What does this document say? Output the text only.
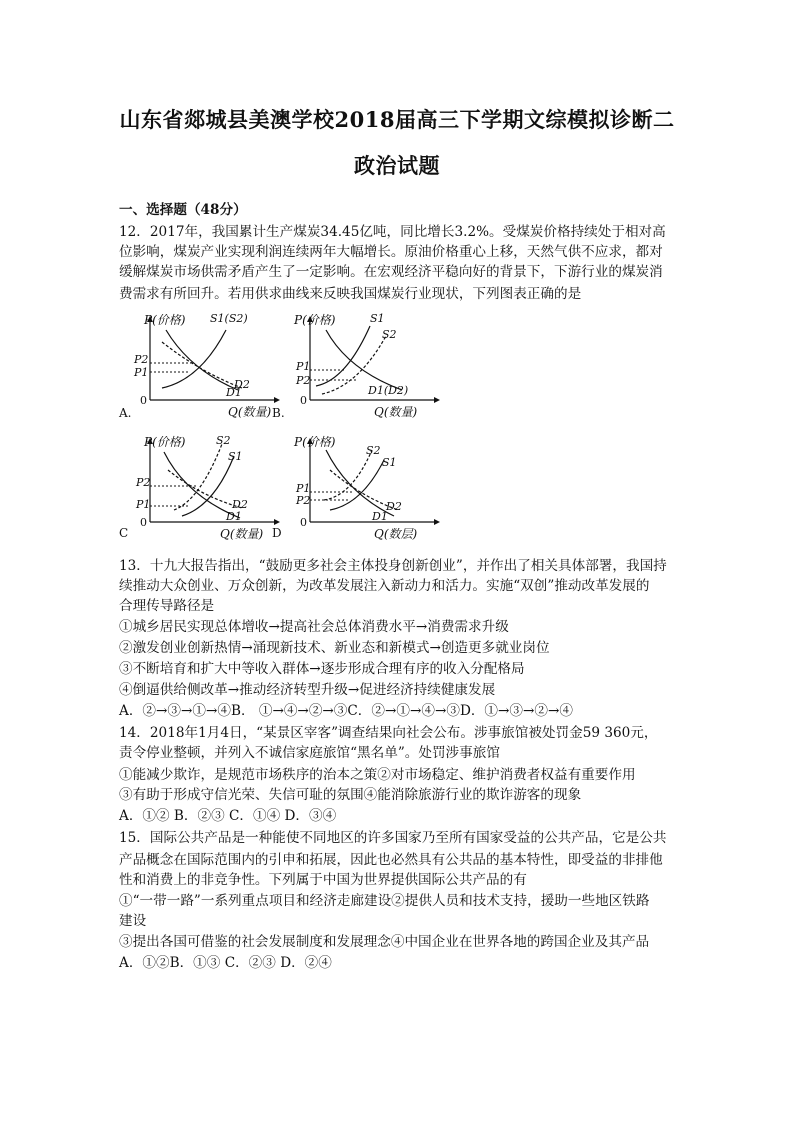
山东省郯城县美澳学校2018届高三下学期文综模拟诊断二
政治试题
一、选择题（48分）
12．2017年，我国累计生产煤炭34.45亿吨，同比增长3.2%。受煤炭价格持续处于相对高
位影响，煤炭产业实现利润连续两年大幅增长。原油价格重心上移，天然气供不应求，都对
缓解煤炭市场供需矛盾产生了一定影响。在宏观经济平稳向好的背景下，下游行业的煤炭消
费需求有所回升。若用供求曲线来反映我国煤炭行业现状，下列图表正确的是
P(价格) S1(S2)
P2
P1
D2
D1
0
Q(数量)
A.
P(价格)	S1
S2
P1
P2
D1(D2)
0
Q(数量)
B.
P(价格)	S2
S1
P2
P1	D2
D1
0
Q(数量)
C
P(价格)
S2
S1
P1
P2	D2
D1
0
Q(数层)
D
13．十九大报告指出，“鼓励更多社会主体投身创新创业”，并作出了相关具体部署，我国持
续推动大众创业、万众创新，为改革发展注入新动力和活力。实施“双创”推动改革发展的
合理传导路径是
①城乡居民实现总体增收→提高社会总体消费水平→消费需求升级
②激发创业创新热情→涌现新技术、新业态和新模式→创造更多就业岗位
③不断培育和扩大中等收入群体→逐步形成合理有序的收入分配格局
④倒逼供给侧改革→推动经济转型升级→促进经济持续健康发展
A．②→③→①→④B． ①→④→②→③C．②→①→④→③D．①→③→②→④
14．2018年1月4日，“某景区宰客”调查结果向社会公布。涉事旅馆被处罚金59 360元，
责令停业整顿，并列入不诚信家庭旅馆“黑名单”。处罚涉事旅馆
①能减少欺诈，是规范市场秩序的治本之策②对市场稳定、维护消费者权益有重要作用
③有助于形成守信光荣、失信可耻的氛围④能消除旅游行业的欺诈游客的现象
A．①② B．②③ C．①④ D．③④
15．国际公共产品是一种能使不同地区的许多国家乃至所有国家受益的公共产品，它是公共
产品概念在国际范围内的引申和拓展，因此也必然具有公共品的基本特性，即受益的非排他
性和消费上的非竞争性。下列属于中国为世界提供国际公共产品的有
①“一带一路”一系列重点项目和经济走廊建设②提供人员和技术支持，援助一些地区铁路
建设
③提出各国可借鉴的社会发展制度和发展理念④中国企业在世界各地的跨国企业及其产品
A．①②B．①③ C．②③ D．②④
